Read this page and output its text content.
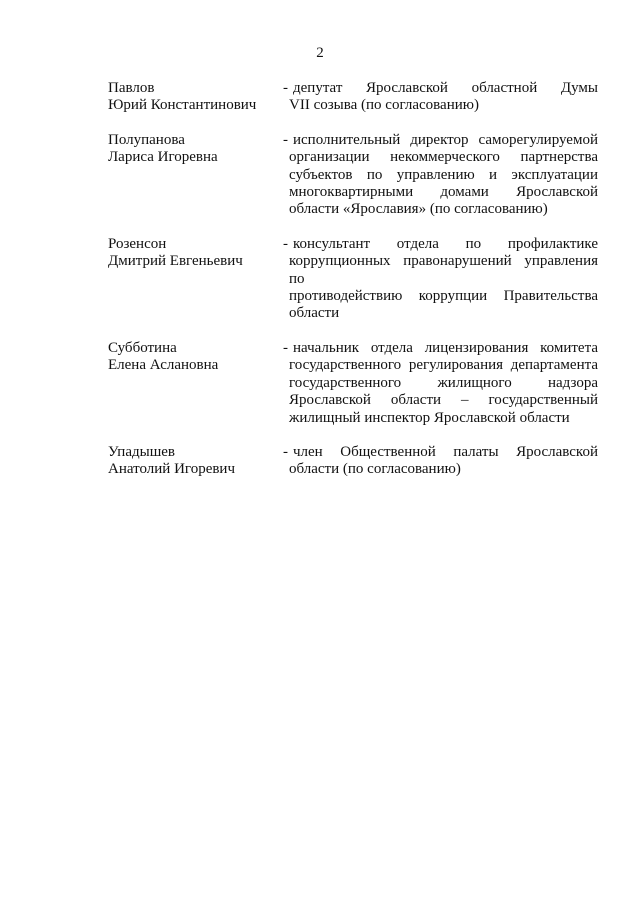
2
Павлов
Юрий Константинович
- депутат Ярославской областной Думы
VII созыва (по согласованию)
Полупанова
Лариса Игоревна
- исполнительный директор саморегулируемой
организации некоммерческого партнерства
субъектов по управлению и эксплуатации
многоквартирными домами Ярославской
области «Ярославия» (по согласованию)
Розенсон
Дмитрий Евгеньевич
- консультант отдела по профилактике
коррупционных правонарушений управления по
противодействию коррупции Правительства
области
Субботина
Елена Аслановна
- начальник отдела лицензирования комитета
государственного регулирования департамента
государственного жилищного надзора
Ярославской области – государственный
жилищный инспектор Ярославской области
Упадышев
Анатолий Игоревич
- член Общественной палаты Ярославской
области (по согласованию)
